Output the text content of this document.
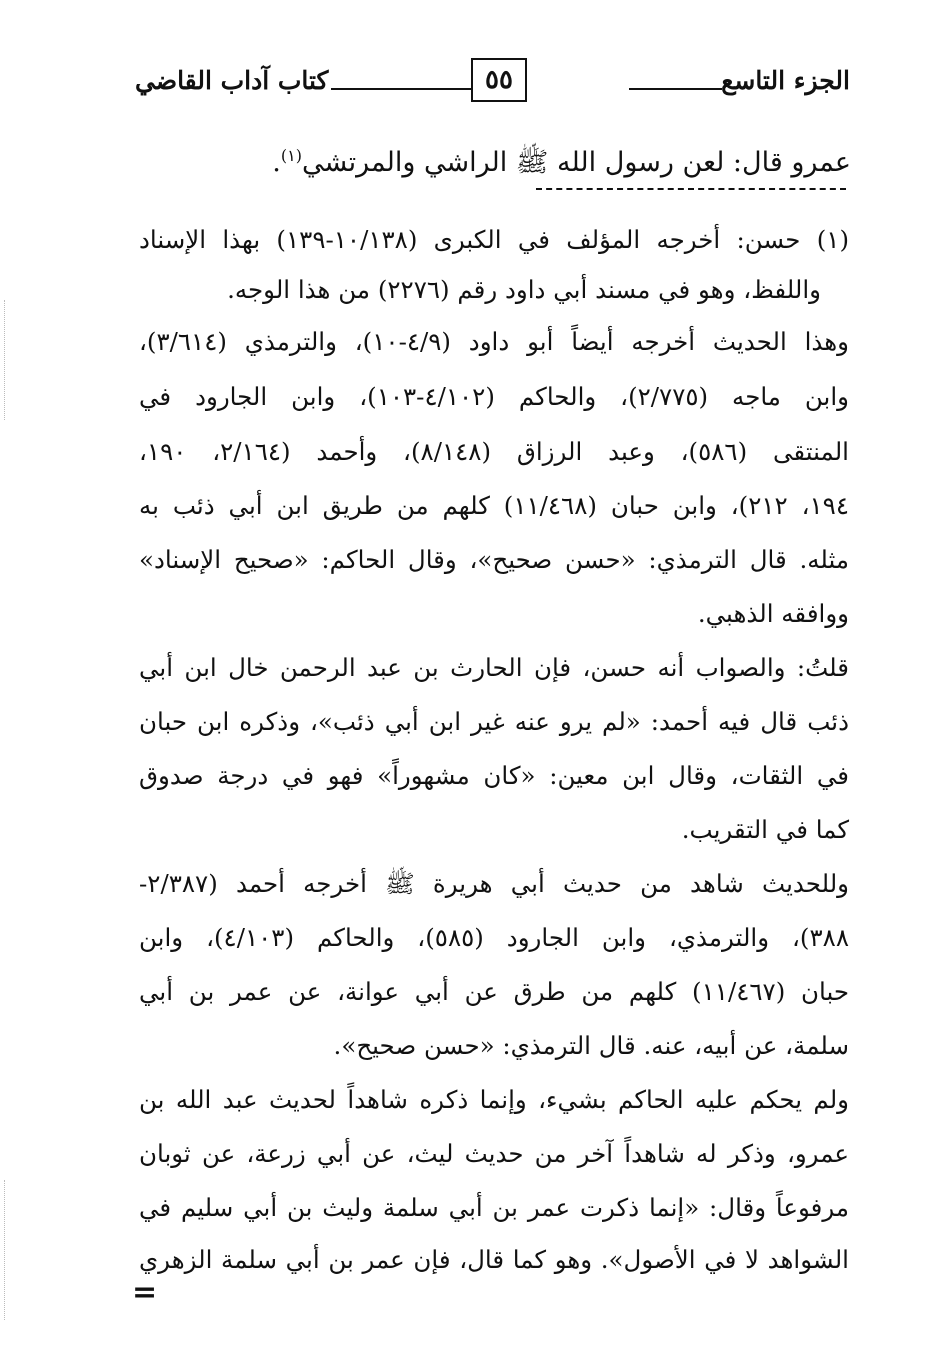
الجزء التاسع
٥٥
كتاب آداب القاضي
عمرو قال: لعن رسول الله ﷺ الراشي والمرتشي$^{(١)}$.
(١) حسن: أخرجه المؤلف في الكبرى (١٠/١٣٨-١٣٩) بهذا الإسناد
واللفظ، وهو في مسند أبي داود رقم (٢٢٧٦) من هذا الوجه.
وهذا الحديث أخرجه أيضاً أبو داود (٤/٩-١٠)، والترمذي (٣/٦١٤)،
وابن ماجه (٢/٧٧٥)، والحاكم (٤/١٠٢-١٠٣)، وابن الجارود في
المنتقى (٥٨٦)، وعبد الرزاق (٨/١٤٨)، وأحمد (٢/١٦٤، ١٩٠،
١٩٤، ٢١٢)، وابن حبان (١١/٤٦٨) كلهم من طريق ابن أبي ذئب به
مثله. قال الترمذي: «حسن صحيح»، وقال الحاكم: «صحيح الإسناد»
ووافقه الذهبي.
قلتُ: والصواب أنه حسن، فإن الحارث بن عبد الرحمن خال ابن أبي
ذئب قال فيه أحمد: «لم يرو عنه غير ابن أبي ذئب»، وذكره ابن حبان
في الثقات، وقال ابن معين: «كان مشهوراً» فهو في درجة صدوق
كما في التقريب.
وللحديث شاهد من حديث أبي هريرة ﷺ أخرجه أحمد (٢/٣٨٧-
٣٨٨)، والترمذي، وابن الجارود (٥٨٥)، والحاكم (٤/١٠٣)، وابن
حبان (١١/٤٦٧) كلهم من طرق عن أبي عوانة، عن عمر بن أبي
سلمة، عن أبيه، عنه. قال الترمذي: «حسن صحيح».
ولم يحكم عليه الحاكم بشيء، وإنما ذكره شاهداً لحديث عبد الله بن
عمرو، وذكر له شاهداً آخر من حديث ليث، عن أبي زرعة، عن ثوبان
مرفوعاً وقال: «إنما ذكرت عمر بن أبي سلمة وليث بن أبي سليم في
الشواهد لا في الأصول». وهو كما قال، فإن عمر بن أبي سلمة الزهري
=
